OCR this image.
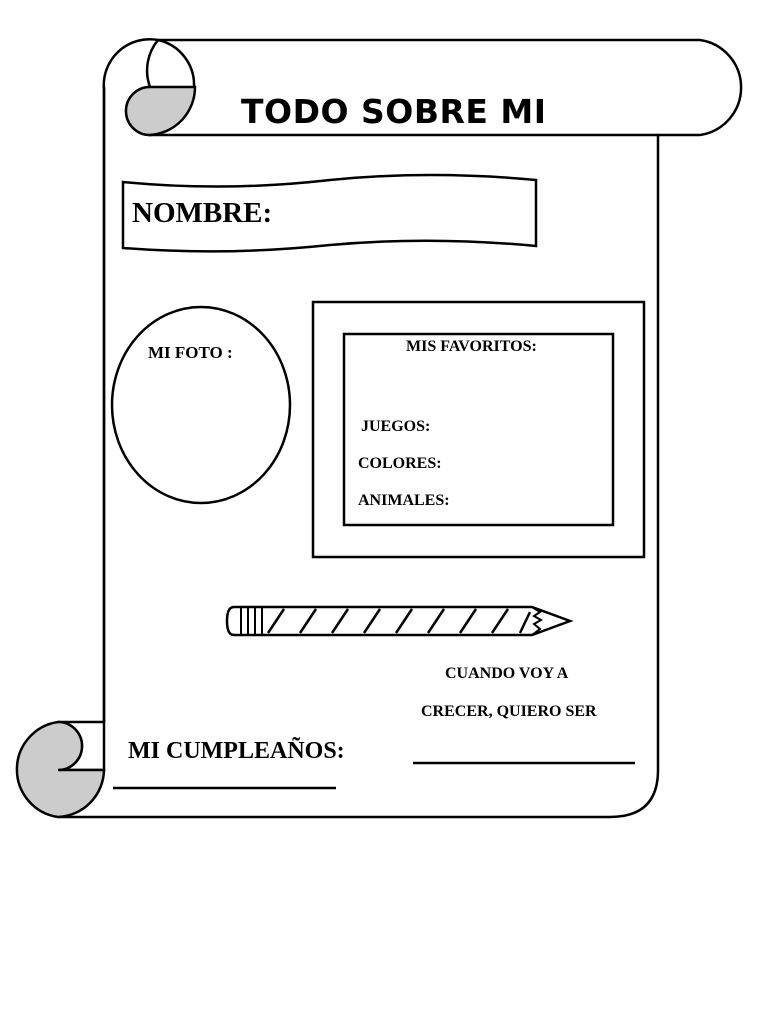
TODO SOBRE MI
NOMBRE:
MI FOTO :	MIS FAVORITOS:
JUEGOS:
COLORES:
ANIMALES:
CUANDO VOY A
CRECER, QUIERO SER
MI CUMPLEAÑOS:
